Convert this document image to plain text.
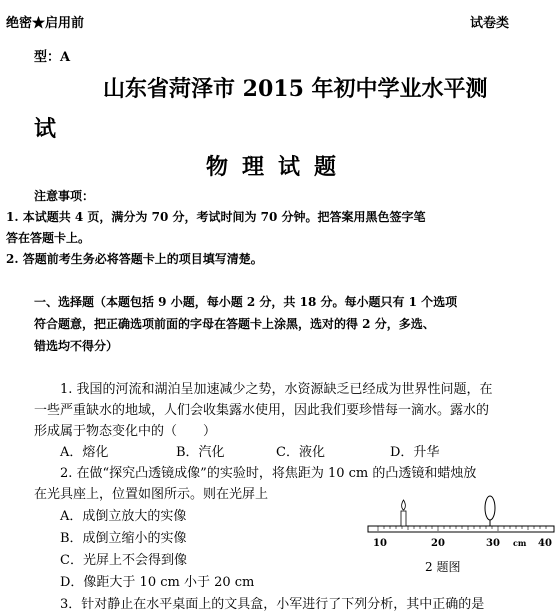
绝密★启用前	试卷类
型：A
山东省菏泽市 2015 年初中学业水平测
试
物理试题
注意事项：
1. 本试题共 4 页，满分为 70 分，考试时间为 70 分钟。把答案用黑色签字笔
答在答题卡上。
2. 答题前考生务必将答题卡上的项目填写清楚。
一、选择题（本题包括 9 小题，每小题 2 分，共 18 分。每小题只有 1 个选项
符合题意，把正确选项前面的字母在答题卡上涂黑，选对的得 2 分，多选、
错选均不得分）
1. 我国的河流和湖泊呈加速减少之势，水资源缺乏已经成为世界性问题，在
一些严重缺水的地域，人们会收集露水使用，因此我们要珍惜每一滴水。露水的
形成属于物态变化中的（　　）
A．熔化	B．汽化	C．液化	D．升华
2. 在做“探究凸透镜成像”的实验时，将焦距为 10 cm 的凸透镜和蜡烛放
在光具座上，位置如图所示。则在光屏上
A．成倒立放大的实像
B．成倒立缩小的实像
C．光屏上不会得到像
D．像距大于 10 cm 小于 20 cm
10	20	30 cm 40
2 题图
3．针对静止在水平桌面上的文具盒，小军进行了下列分析，其中正确的是
